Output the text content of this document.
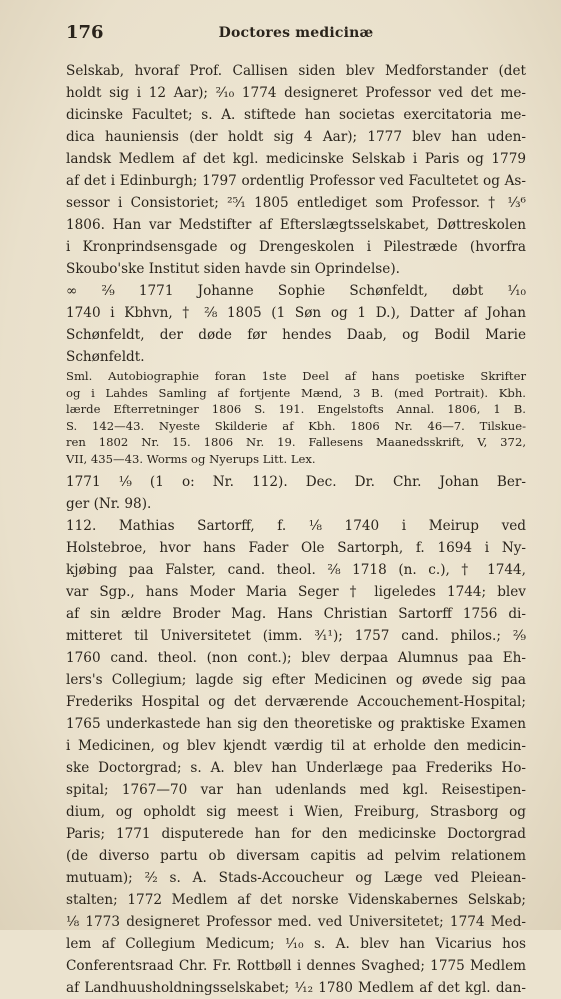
176	Doctores medicinæ
Selskab, hvoraf Prof. Callisen siden blev Medforstander (det
holdt sig i 12 Aar); ²⁄₁₀ 1774 designeret Professor ved det me-
dicinske Facultet; s. A. stiftede han societas exercitatoria me-
dica hauniensis (der holdt sig 4 Aar); 1777 blev han uden-
landsk Medlem af det kgl. medicinske Selskab i Paris og 1779
af det i Edinburgh; 1797 ordentlig Professor ved Facultetet og As-
sessor i Consistoriet; ²⁵⁄₁ 1805 entlediget som Professor. † ¹⁄₃⁶
1806. Han var Medstifter af Efterslægtsselskabet, Døttreskolen
i Kronprindsensgade og Drengeskolen i Pilestræde (hvorfra
Skoubo'ske Institut siden havde sin Oprindelse).
∞ ²⁄₉ 1771 Johanne Sophie Schønfeldt, døbt ¹⁄₁₀
1740 i Kbhvn, † ²⁄₈ 1805 (1 Søn og 1 D.), Datter af Johan
Schønfeldt, der døde før hendes Daab, og Bodil Marie
Schønfeldt.
Sml. Autobiographie foran 1ste Deel af hans poetiske Skrifter
og i Lahdes Samling af fortjente Mænd, 3 B. (med Portrait). Kbh.
lærde Efterretninger 1806 S. 191. Engelstofts Annal. 1806, 1 B.
S. 142—43. Nyeste Skilderie af Kbh. 1806 Nr. 46—7. Tilskue-
ren 1802 Nr. 15. 1806 Nr. 19. Fallesens Maanedsskrift, V, 372,
VII, 435—43. Worms og Nyerups Litt. Lex.
1771 ¹⁄₉ (1 o: Nr. 112). Dec. Dr. Chr. Johan Ber-
ger (Nr. 98).
112. Mathias Sartorff, f. ¹⁄₈ 1740 i Meirup ved
Holstebroe, hvor hans Fader Ole Sartorph, f. 1694 i Ny-
kjøbing paa Falster, cand. theol. ²⁄₈ 1718 (n. c.), † 1744,
var Sgp., hans Moder Maria Seger † ligeledes 1744; blev
af sin ældre Broder Mag. Hans Christian Sartorff 1756 di-
mitteret til Universitetet (imm. ³⁄₁¹); 1757 cand. philos.; ²⁄₉
1760 cand. theol. (non cont.); blev derpaa Alumnus paa Eh-
lers's Collegium; lagde sig efter Medicinen og øvede sig paa
Frederiks Hospital og det derværende Accouchement-Hospital;
1765 underkastede han sig den theoretiske og praktiske Examen
i Medicinen, og blev kjendt værdig til at erholde den medicin-
ske Doctorgrad; s. A. blev han Underlæge paa Frederiks Ho-
spital; 1767—70 var han udenlands med kgl. Reisestipen-
dium, og opholdt sig meest i Wien, Freiburg, Strasborg og
Paris; 1771 disputerede han for den medicinske Doctorgrad
(de diverso partu ob diversam capitis ad pelvim relationem
mutuam); ²⁄₂ s. A. Stads-Accoucheur og Læge ved Pleiean-
stalten; 1772 Medlem af det norske Videnskabernes Selskab;
¹⁄₈ 1773 designeret Professor med. ved Universitetet; 1774 Med-
lem af Collegium Medicum; ¹⁄₁₀ s. A. blev han Vicarius hos
Conferentsraad Chr. Fr. Rottbøll i dennes Svaghed; 1775 Medlem
af Landhuusholdningsselskabet; ¹⁄₁₂ 1780 Medlem af det kgl. dan-
